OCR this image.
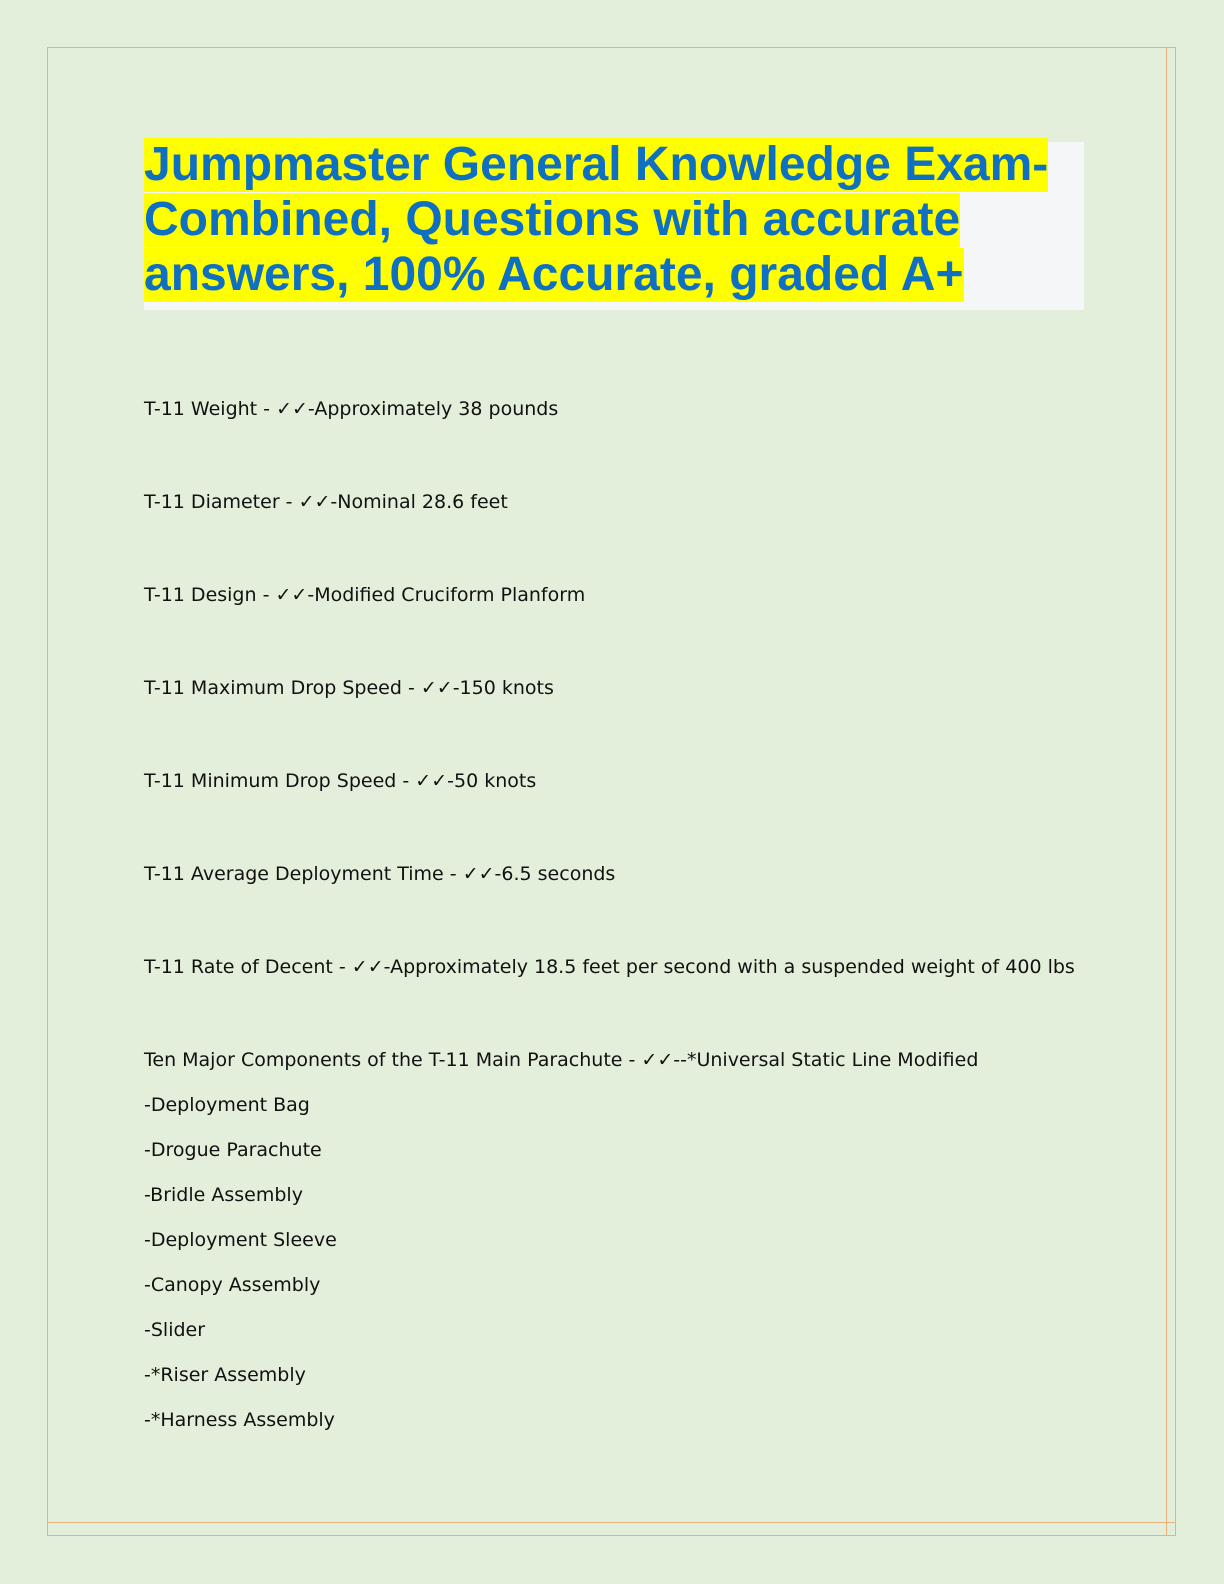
Jumpmaster General Knowledge Exam-
Combined, Questions with accurate
answers, 100% Accurate, graded A+
T-11 Weight - ✓✓-Approximately 38 pounds
T-11 Diameter - ✓✓-Nominal 28.6 feet
T-11 Design - ✓✓-Modified Cruciform Planform
T-11 Maximum Drop Speed - ✓✓-150 knots
T-11 Minimum Drop Speed - ✓✓-50 knots
T-11 Average Deployment Time - ✓✓-6.5 seconds
T-11 Rate of Decent - ✓✓-Approximately 18.5 feet per second with a suspended weight of 400 lbs
Ten Major Components of the T-11 Main Parachute - ✓✓--*Universal Static Line Modified
-Deployment Bag
-Drogue Parachute
-Bridle Assembly
-Deployment Sleeve
-Canopy Assembly
-Slider
-*Riser Assembly
-*Harness Assembly
